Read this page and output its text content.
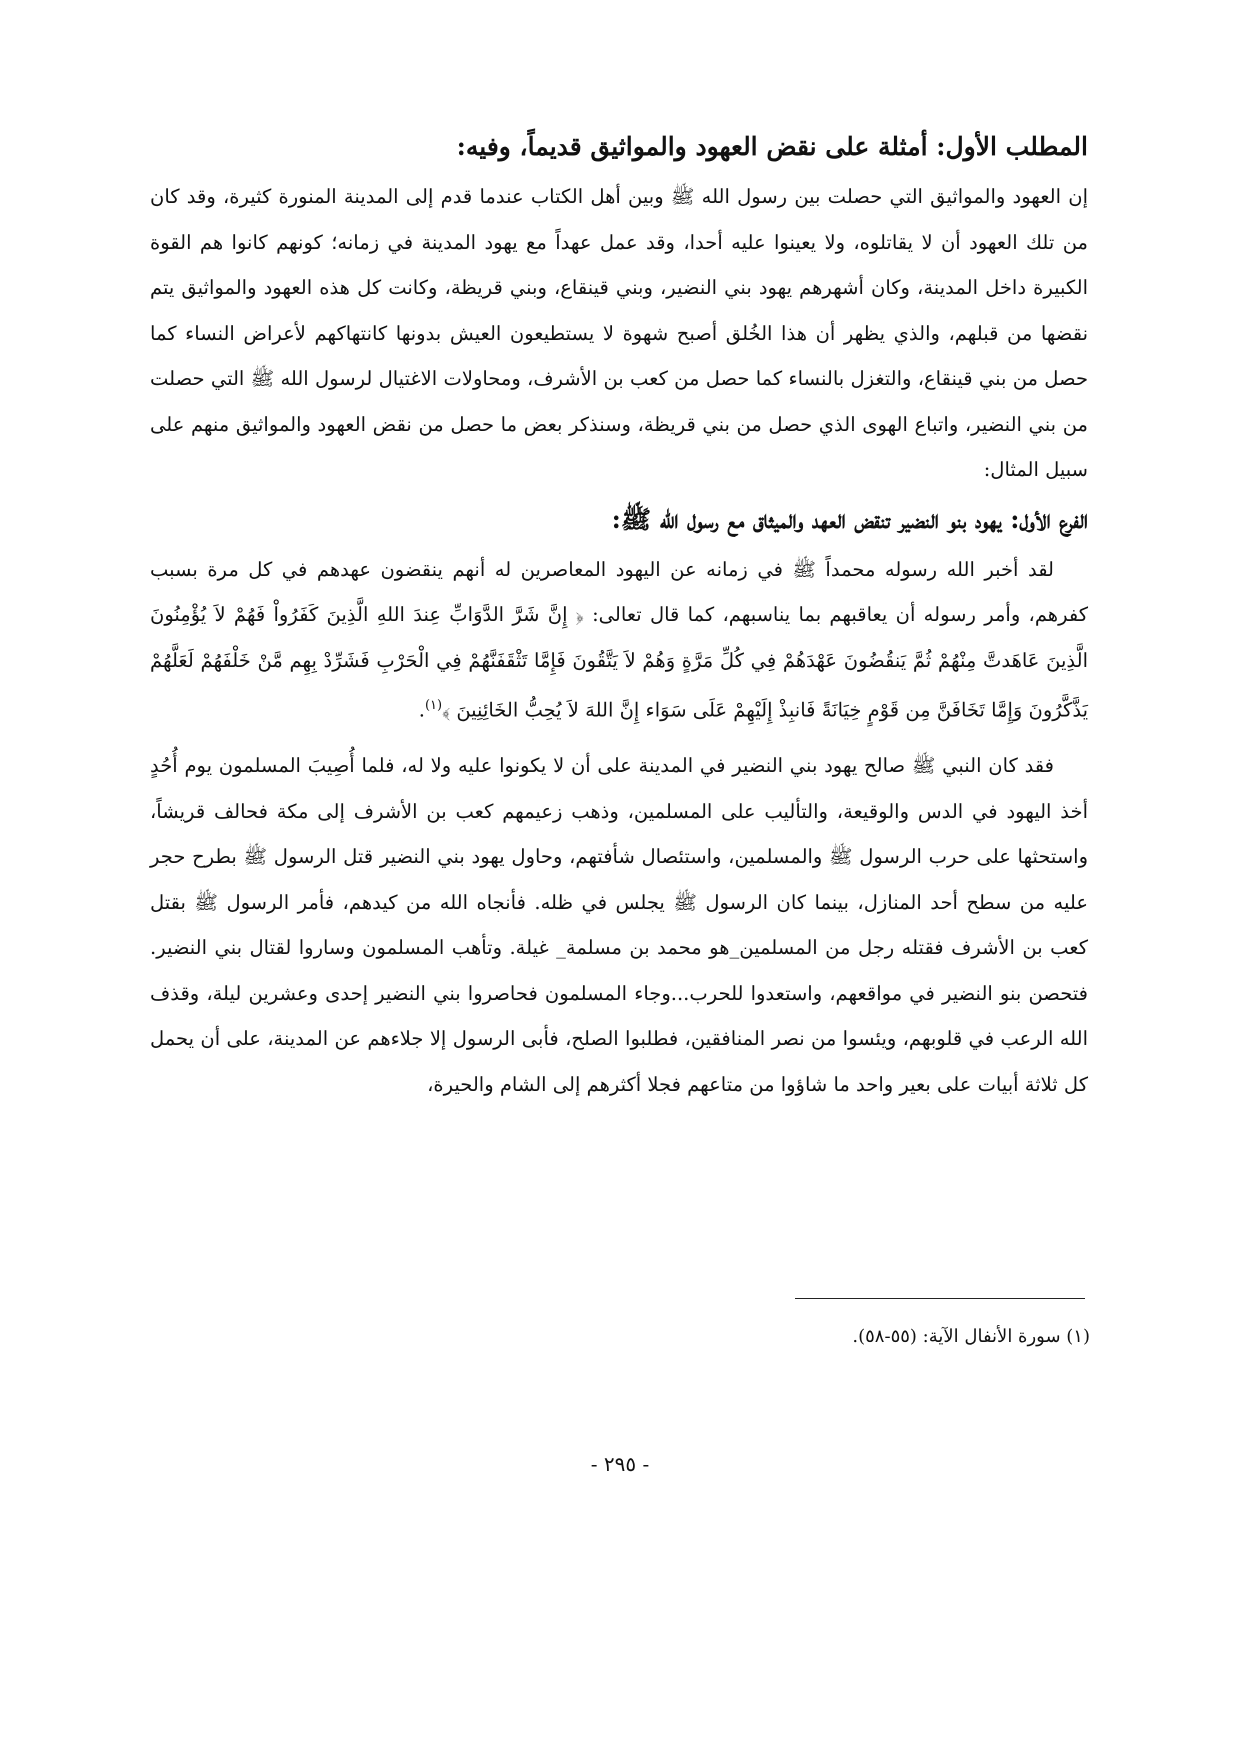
المطلب الأول: أمثلة على نقض العهود والمواثيق قديماً، وفيه:

إن العهود والمواثيق التي حصلت بين رسول الله ﷺ وبين أهل الكتاب عندما قدم إلى المدينة المنورة كثيرة، وقد كان من تلك العهود أن لا يقاتلوه، ولا يعينوا عليه أحدا، وقد عمل عهداً مع يهود المدينة في زمانه؛ كونهم كانوا هم القوة الكبيرة داخل المدينة، وكان أشهرهم يهود بني النضير، وبني قينقاع، وبني قريظة، وكانت كل هذه العهود والمواثيق يتم نقضها من قبلهم، والذي يظهر أن هذا الخُلق أصبح شهوة لا يستطيعون العيش بدونها كانتهاكهم لأعراض النساء كما حصل من بني قينقاع، والتغزل بالنساء كما حصل من كعب بن الأشرف، ومحاولات الاغتيال لرسول الله ﷺ التي حصلت من بني النضير، واتباع الهوى الذي حصل من بني قريظة، وسنذكر بعض ما حصل من نقض العهود والمواثيق منهم على سبيل المثال:

الفرع الأول: يهود بنو النضير تنقض العهد والميثاق مع رسول الله ﷺ:

لقد أخبر الله رسوله محمداً ﷺ في زمانه عن اليهود المعاصرين له أنهم ينقضون عهدهم في كل مرة بسبب كفرهم، وأمر رسوله أن يعاقبهم بما يناسبهم، كما قال تعالى: ﴿ إِنَّ شَرَّ الدَّوَابِّ عِندَ اللهِ الَّذِينَ كَفَرُواْ فَهُمْ لاَ يُؤْمِنُونَ الَّذِينَ عَاهَدتَّ مِنْهُمْ ثُمَّ يَنقُضُونَ عَهْدَهُمْ فِي كُلِّ مَرَّةٍ وَهُمْ لاَ يَتَّقُونَ فَإِمَّا تَثْقَفَنَّهُمْ فِي الْحَرْبِ فَشَرِّدْ بِهِم مَّنْ خَلْفَهُمْ لَعَلَّهُمْ يَذَّكَّرُونَ وَإِمَّا تَخَافَنَّ مِن قَوْمٍ خِيَانَةً فَانبِذْ إِلَيْهِمْ عَلَى سَوَاء إِنَّ اللهَ لاَ يُحِبُّ الخَائِنِينَ ﴾$^{(١)}$.

فقد كان النبي ﷺ صالح يهود بني النضير في المدينة على أن لا يكونوا عليه ولا له، فلما أُصِيبَ المسلمون يوم أُحُدٍ أخذ اليهود في الدس والوقيعة، والتأليب على المسلمين، وذهب زعيمهم كعب بن الأشرف إلى مكة فحالف قريشاً، واستحثها على حرب الرسول ﷺ والمسلمين، واستئصال شأفتهم، وحاول يهود بني النضير قتل الرسول ﷺ بطرح حجر عليه من سطح أحد المنازل، بينما كان الرسول ﷺ يجلس في ظله. فأنجاه الله من كيدهم، فأمر الرسول ﷺ بقتل كعب بن الأشرف فقتله رجل من المسلمين_هو محمد بن مسلمة_ غيلة. وتأهب المسلمون وساروا لقتال بني النضير. فتحصن بنو النضير في مواقعهم، واستعدوا للحرب...وجاء المسلمون فحاصروا بني النضير إحدى وعشرين ليلة، وقذف الله الرعب في قلوبهم، ويئسوا من نصر المنافقين، فطلبوا الصلح، فأبى الرسول إلا جلاءهم عن المدينة، على أن يحمل كل ثلاثة أبيات على بعير واحد ما شاؤوا من متاعهم فجلا أكثرهم إلى الشام والحيرة،

(١) سورة الأنفال الآية: (٥٥-٥٨).
- ٢٩٥ -
